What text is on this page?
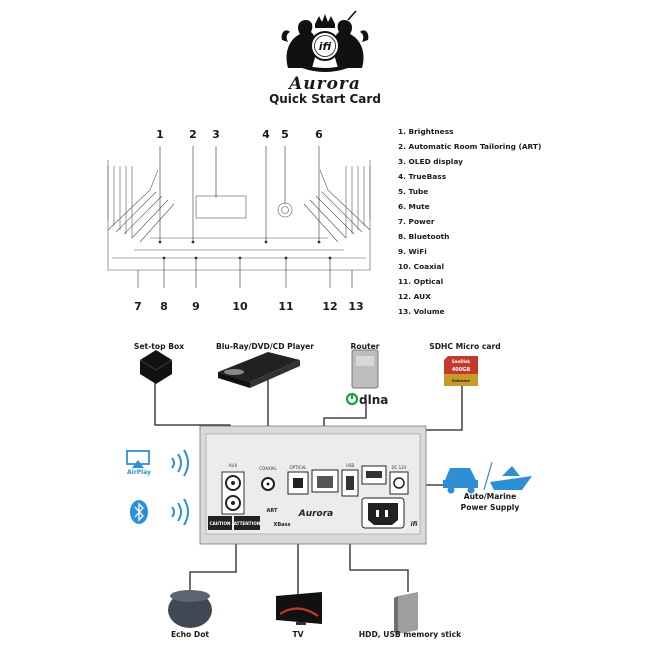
ifi
Aurora
Quick Start Card
1	2	3	4	5	6
7	8	9	10	11	12 13
1. Brightness
2. Automatic Room Tailoring (ART)
3. OLED display
4. TrueBass
5. Tube
6. Mute
7. Power
8. Bluetooth
9. WiFi
10. Coaxial
11. Optical
12. AUX
13. Volume
CAUTION ATTENTION
AUX
COAXIAL	OPTICAL	USB	DC 12V
Aurora
XBass
ART
ifi
400GB
SanDisk
Extreme
Set-top Box	Blu-Ray/DVD/CD Player	Router	SDHC Micro card
dlna
AirPlay
Auto/Marine Power Supply
Echo Dot	TV	HDD, USB memory stick
